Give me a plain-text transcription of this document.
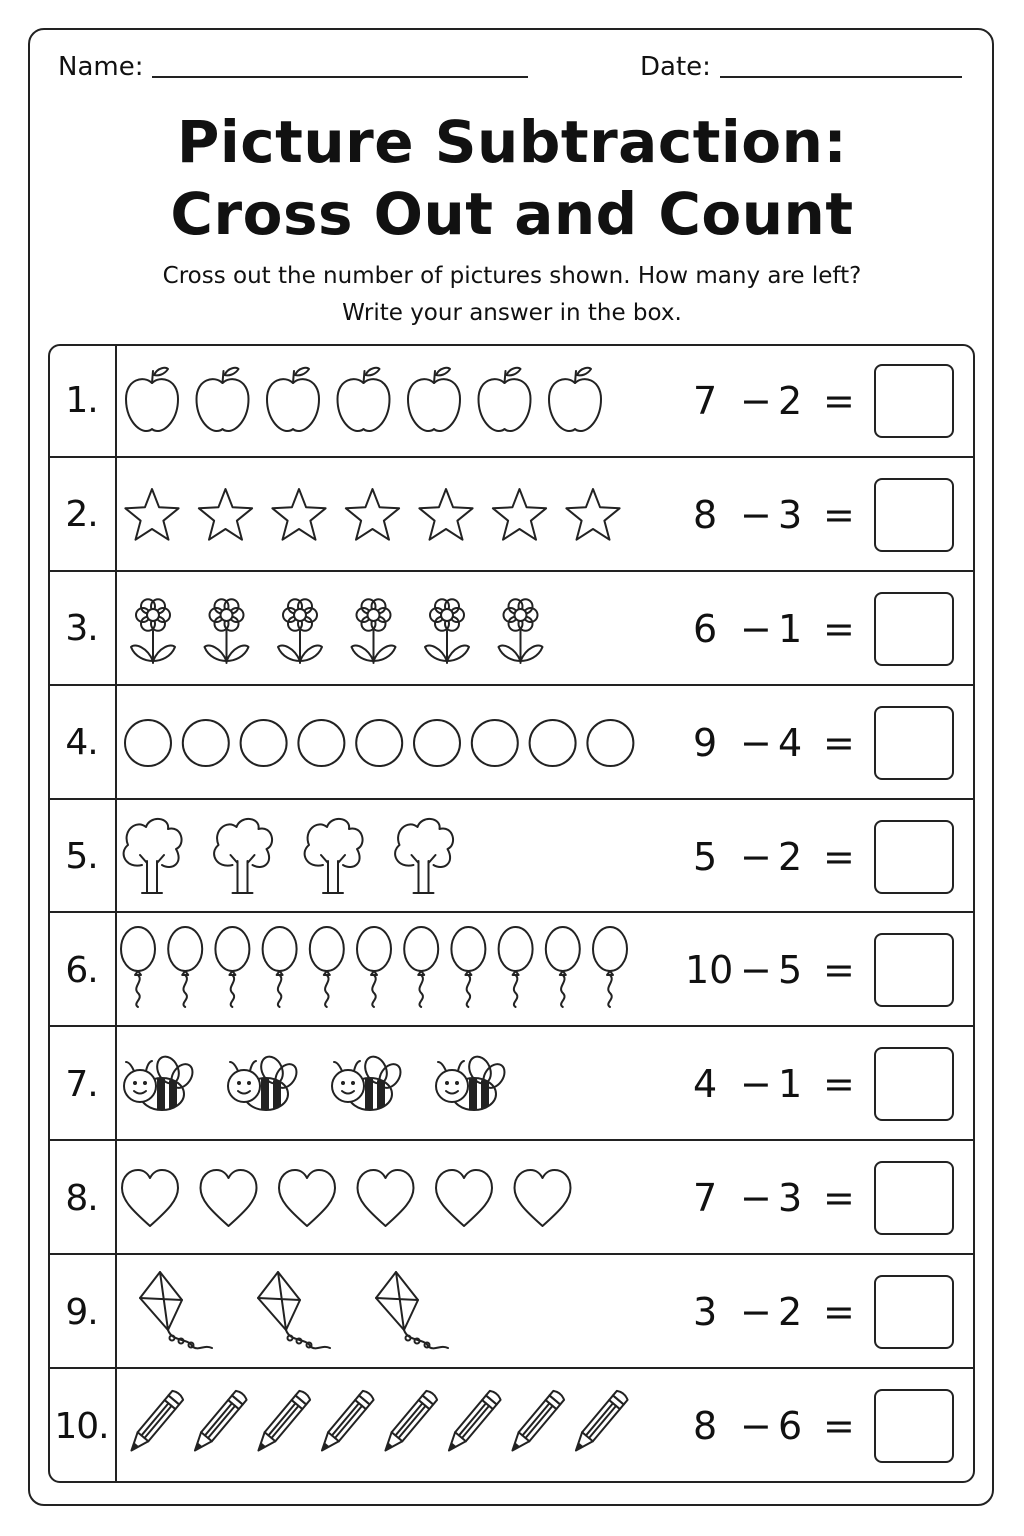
Name:	Date:
Picture Subtraction:
Cross Out and Count
Cross out the number of pictures shown. How many are left?
Write your answer in the box.
1.	7 − 2 =
2.	8 − 3 =
3.	6 − 1 =
4.	9 − 4 =
5.	5 − 2 =
6.	10 − 5 =
7.	4 − 1 =
8.	7 − 3 =
9.	3 − 2 =
10.	8 − 6 =
